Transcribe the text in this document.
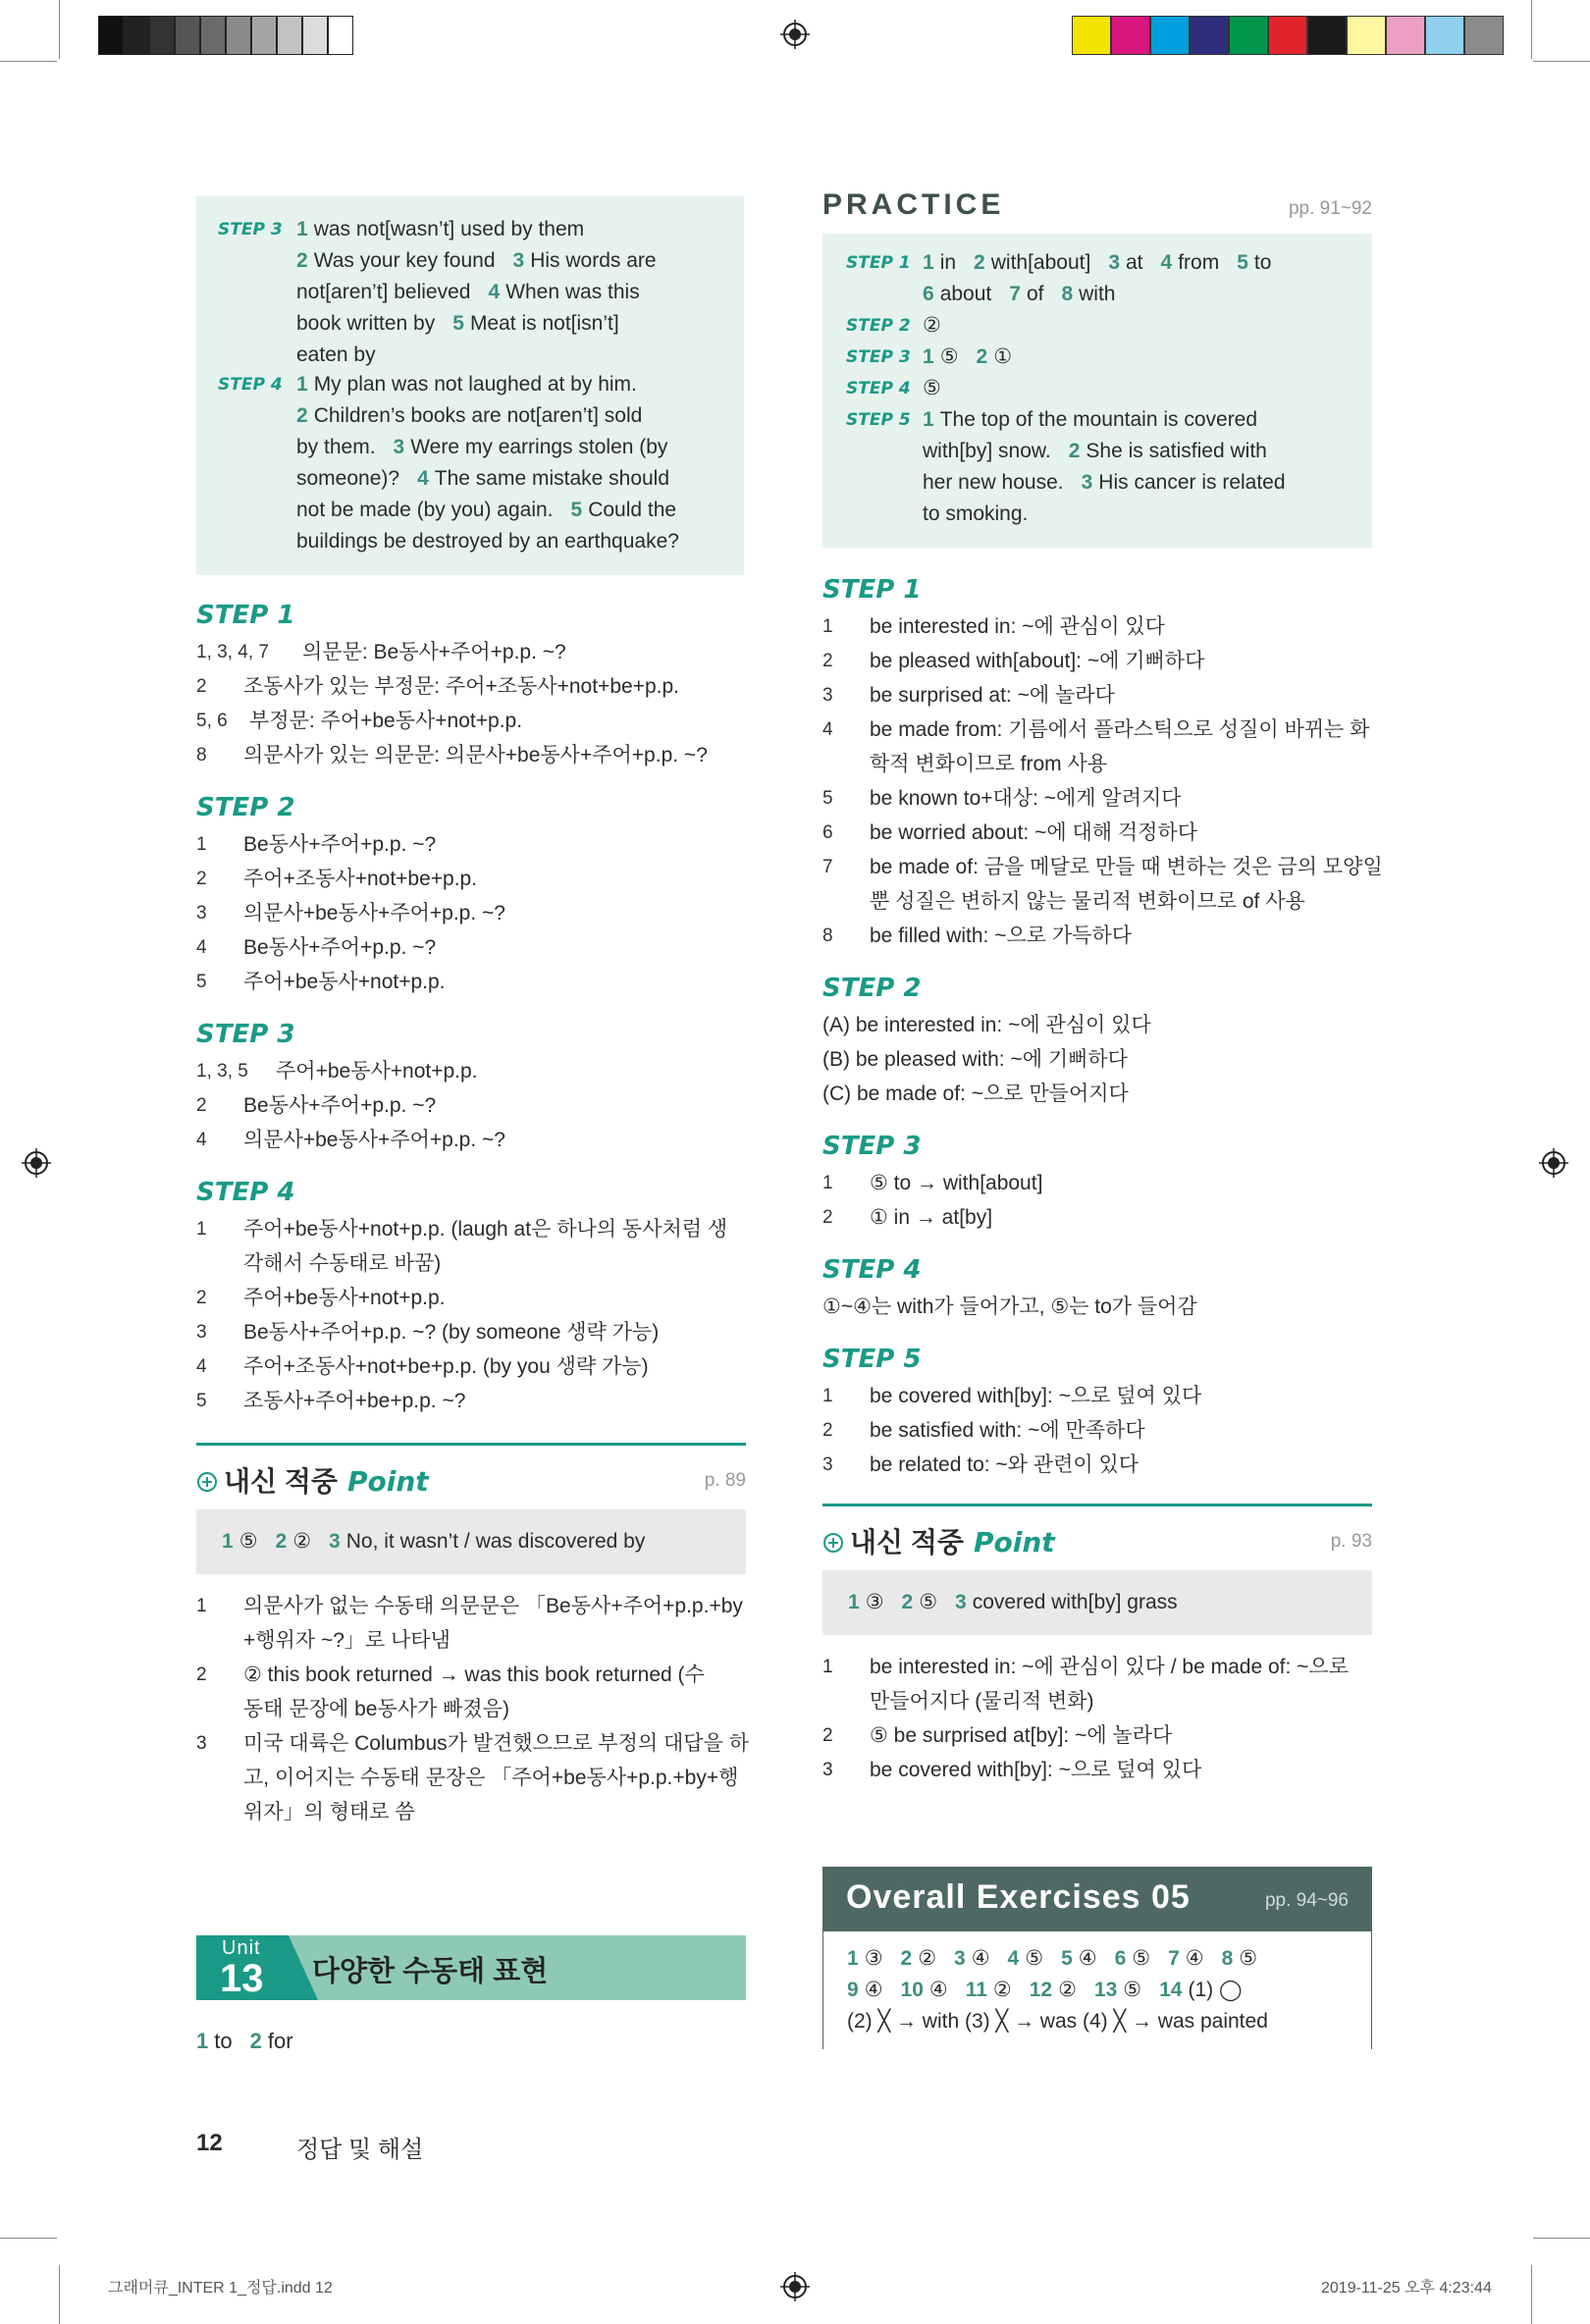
STEP 3 1 was not[wasn’t] used by them
2 Was your key found 3 His words are
not[aren’t] believed 4 When was this
book written by 5 Meat is not[isn’t]
eaten by
STEP 4 1 My plan was not laughed at by him.
2 Children’s books are not[aren’t] sold
by them. 3 Were my earrings stolen (by
someone)? 4 The same mistake should
not be made (by you) again. 5 Could the
buildings be destroyed by an earthquake?
STEP 1
1, 3, 4, 7 의문문: Be동사+주어+p.p. ~?
2 조동사가 있는 부정문: 주어+조동사+not+be+p.p.
5, 6 부정문: 주어+be동사+not+p.p.
8 의문사가 있는 의문문: 의문사+be동사+주어+p.p. ~?
STEP 2
1 Be동사+주어+p.p. ~?
2 주어+조동사+not+be+p.p.
3 의문사+be동사+주어+p.p. ~?
4 Be동사+주어+p.p. ~?
5 주어+be동사+not+p.p.
STEP 3
1, 3, 5 주어+be동사+not+p.p.
2 Be동사+주어+p.p. ~?
4 의문사+be동사+주어+p.p. ~?
STEP 4
1 주어+be동사+not+p.p. (laugh at은 하나의 동사처럼 생
각해서 수동태로 바꿈)
2 주어+be동사+not+p.p.
3 Be동사+주어+p.p. ~? (by someone 생략 가능)
4 주어+조동사+not+be+p.p. (by you 생략 가능)
5 조동사+주어+be+p.p. ~?
내신 적중 Point	p. 89
1 ⑤ 2 ② 3 No, it wasn’t / was discovered by
1 의문사가 없는 수동태 의문문은 「Be동사+주어+p.p.+by
+행위자 ~?」로 나타냄
2 ② this book returned → was this book returned (수
동태 문장에 be동사가 빠졌음)
3 미국 대륙은 Columbus가 발견했으므로 부정의 대답을 하
고, 이어지는 수동태 문장은 「주어+be동사+p.p.+by+행
위자」의 형태로 씀
Unit
13 다양한 수동태 표현
1 to 2 for
PRACTICE	pp. 91~92
STEP 1 1 in 2 with[about] 3 at 4 from 5 to
6 about 7 of 8 with
STEP 2 ②
STEP 3 1 ⑤ 2 ①
STEP 4 ⑤
STEP 5 1 The top of the mountain is covered
with[by] snow. 2 She is satisfied with
her new house. 3 His cancer is related
to smoking.
STEP 1
1 be interested in: ~에 관심이 있다
2 be pleased with[about]: ~에 기뻐하다
3 be surprised at: ~에 놀라다
4 be made from: 기름에서 플라스틱으로 성질이 바뀌는 화
학적 변화이므로 from 사용
5 be known to+대상: ~에게 알려지다
6 be worried about: ~에 대해 걱정하다
7 be made of: 금을 메달로 만들 때 변하는 것은 금의 모양일
뿐 성질은 변하지 않는 물리적 변화이므로 of 사용
8 be filled with: ~으로 가득하다
STEP 2
(A) be interested in: ~에 관심이 있다
(B) be pleased with: ~에 기뻐하다
(C) be made of: ~으로 만들어지다
STEP 3
1 ⑤ to → with[about]
2 ① in → at[by]
STEP 4
①~④는 with가 들어가고, ⑤는 to가 들어감
STEP 5
1 be covered with[by]: ~으로 덮여 있다
2 be satisfied with: ~에 만족하다
3 be related to: ~와 관련이 있다
내신 적중 Point	p. 93
1 ③ 2 ⑤ 3 covered with[by] grass
1 be interested in: ~에 관심이 있다 / be made of: ~으로
만들어지다 (물리적 변화)
2 ⑤ be surprised at[by]: ~에 놀라다
3 be covered with[by]: ~으로 덮여 있다
Overall Exercises 05	pp. 94~96
1 ③ 2 ② 3 ④ 4 ⑤ 5 ④ 6 ⑤ 7 ④ 8 ⑤
9 ④ 10 ④ 11 ② 12 ② 13 ⑤ 14 (1) ◯
(2) ╳ → with (3) ╳ → was (4) ╳ → was painted
12	정답 및 해설
그래머큐_INTER 1_정답.indd 12	2019-11-25 오후 4:23:44
